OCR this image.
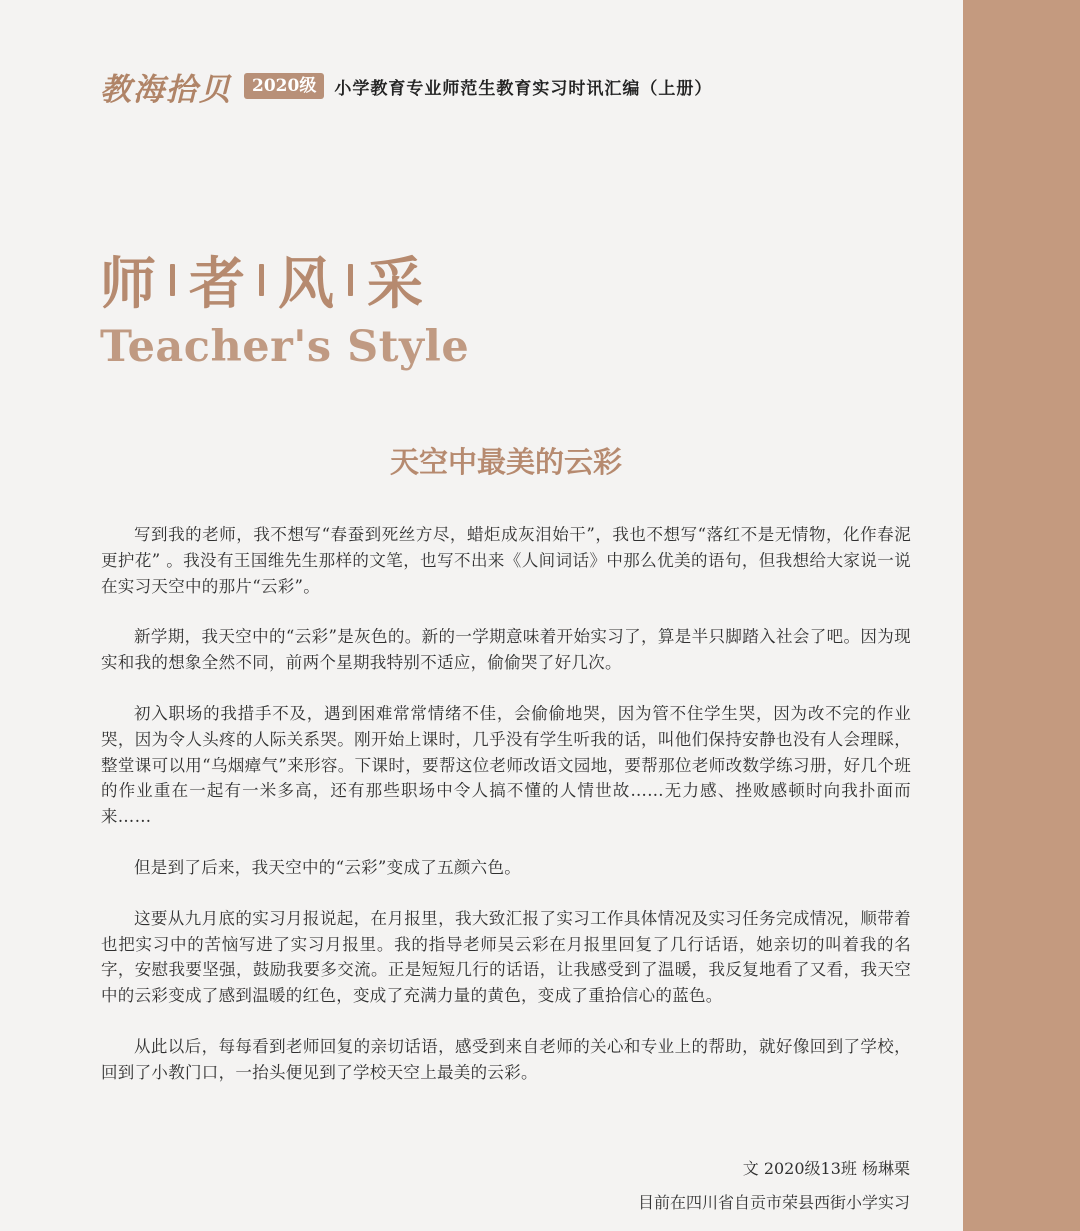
教海拾贝	2020级	小学教育专业师范生教育实习时讯汇编（上册）
师 者 风 采
Teacher's Style
天空中最美的云彩

写到我的老师，我不想写“春蚕到死丝方尽，蜡炬成灰泪始干”，我也不想写“落红不是无情物，化作春泥更护花” 。我没有王国维先生那样的文笔，也写不出来《人间词话》中那么优美的语句，但我想给大家说一说在实习天空中的那片“云彩”。

新学期，我天空中的“云彩”是灰色的。新的一学期意味着开始实习了，算是半只脚踏入社会了吧。因为现实和我的想象全然不同，前两个星期我特别不适应，偷偷哭了好几次。

初入职场的我措手不及，遇到困难常常情绪不佳，会偷偷地哭，因为管不住学生哭，因为改不完的作业哭，因为令人头疼的人际关系哭。刚开始上课时，几乎没有学生听我的话，叫他们保持安静也没有人会理睬，整堂课可以用“乌烟瘴气”来形容。下课时，要帮这位老师改语文园地，要帮那位老师改数学练习册，好几个班的作业重在一起有一米多高，还有那些职场中令人搞不懂的人情世故……无力感、挫败感顿时向我扑面而来……

但是到了后来，我天空中的“云彩”变成了五颜六色。

这要从九月底的实习月报说起，在月报里，我大致汇报了实习工作具体情况及实习任务完成情况，顺带着也把实习中的苦恼写进了实习月报里。我的指导老师吴云彩在月报里回复了几行话语，她亲切的叫着我的名字，安慰我要坚强，鼓励我要多交流。正是短短几行的话语，让我感受到了温暖，我反复地看了又看，我天空中的云彩变成了感到温暖的红色，变成了充满力量的黄色，变成了重拾信心的蓝色。

从此以后，每每看到老师回复的亲切话语，感受到来自老师的关心和专业上的帮助，就好像回到了学校，回到了小教门口，一抬头便见到了学校天空上最美的云彩。

文 2020级13班 杨琳栗
目前在四川省自贡市荣县西街小学实习
